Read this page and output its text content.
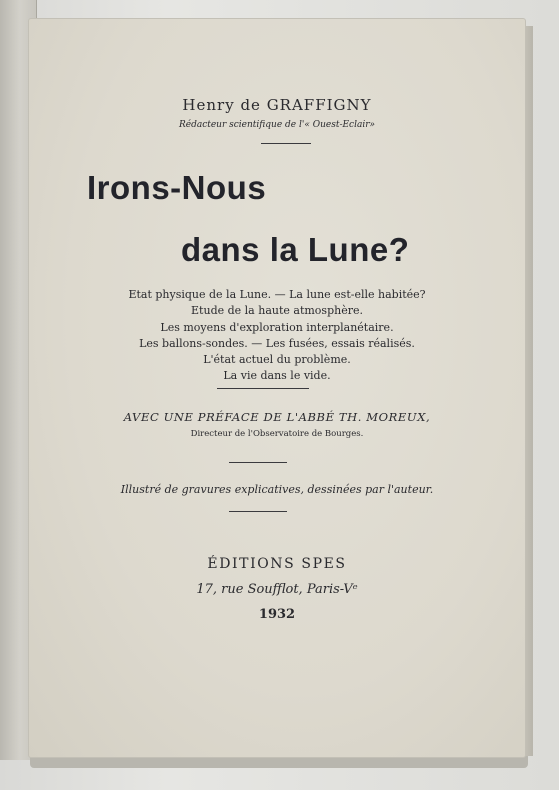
Henry de GRAFFIGNY
Rédacteur scientifique de l'« Ouest-Eclair»
Irons-Nous
dans la Lune?
Etat physique de la Lune. — La lune est-elle habitée?
Etude de la haute atmosphère.
Les moyens d'exploration interplanétaire.
Les ballons-sondes. — Les fusées, essais réalisés.
L'état actuel du problème.
La vie dans le vide.
AVEC UNE PRÉFACE DE L'ABBÉ TH. MOREUX,
Directeur de l'Observatoire de Bourges.
Illustré de gravures explicatives, dessinées par l'auteur.
ÉDITIONS SPES
17, rue Soufflot, Paris-Vᵉ
1932
